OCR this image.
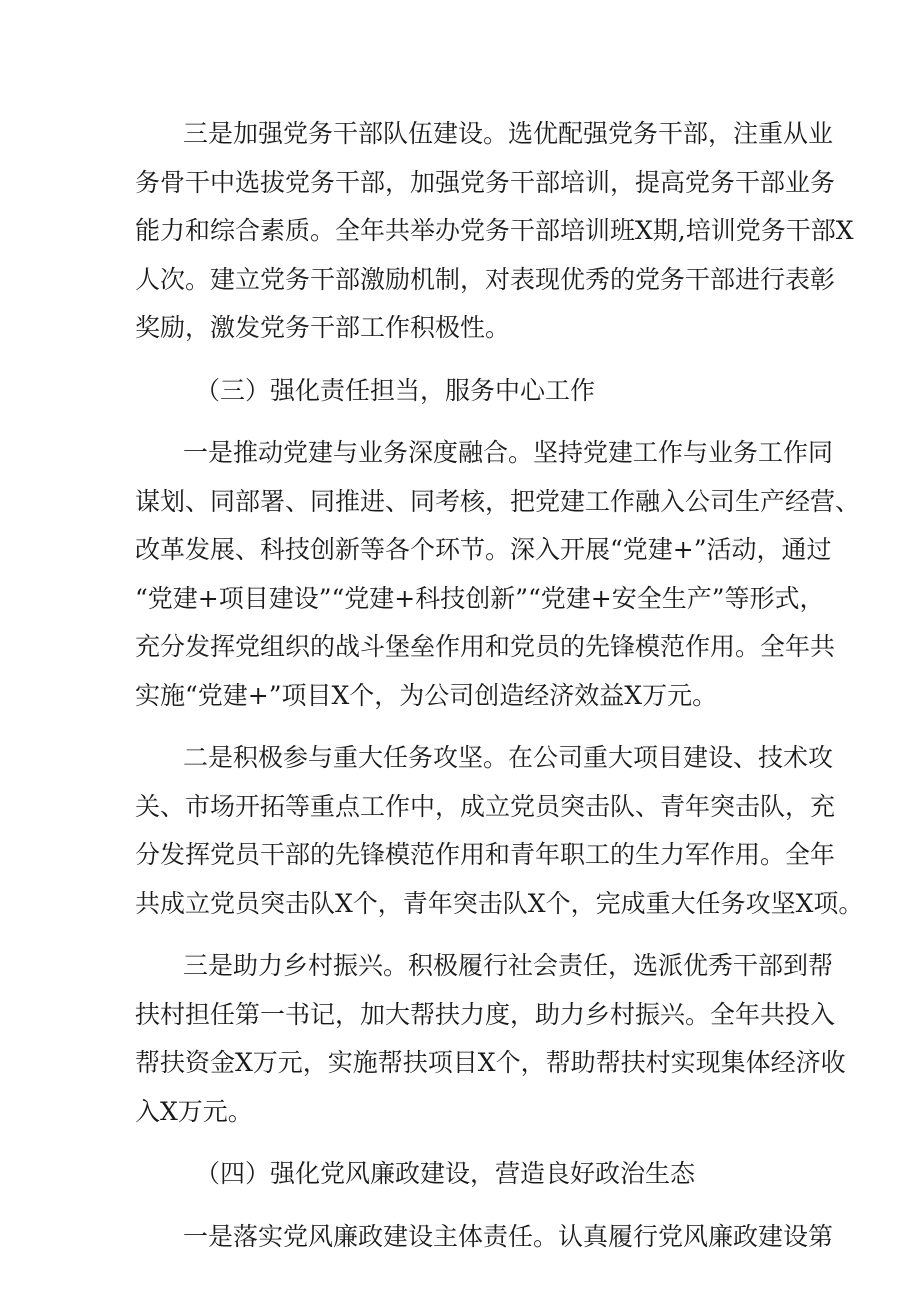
三是加强党务干部队伍建设。选优配强党务干部，注重从业
务骨干中选拔党务干部，加强党务干部培训，提高党务干部业务
能力和综合素质。全年共举办党务干部培训班X期,培训党务干部X
人次。建立党务干部激励机制，对表现优秀的党务干部进行表彰
奖励，激发党务干部工作积极性。
（三）强化责任担当，服务中心工作
一是推动党建与业务深度融合。坚持党建工作与业务工作同
谋划、同部署、同推进、同考核，把党建工作融入公司生产经营、
改革发展、科技创新等各个环节。深入开展“党建+”活动，通过
“党建+项目建设”“党建+科技创新”“党建+安全生产”等形式，
充分发挥党组织的战斗堡垒作用和党员的先锋模范作用。全年共
实施“党建+”项目X个，为公司创造经济效益X万元。
二是积极参与重大任务攻坚。在公司重大项目建设、技术攻
关、市场开拓等重点工作中，成立党员突击队、青年突击队，充
分发挥党员干部的先锋模范作用和青年职工的生力军作用。全年
共成立党员突击队X个，青年突击队X个，完成重大任务攻坚X项。
三是助力乡村振兴。积极履行社会责任，选派优秀干部到帮
扶村担任第一书记，加大帮扶力度，助力乡村振兴。全年共投入
帮扶资金X万元，实施帮扶项目X个，帮助帮扶村实现集体经济收
入X万元。
（四）强化党风廉政建设，营造良好政治生态
一是落实党风廉政建设主体责任。认真履行党风廉政建设第
